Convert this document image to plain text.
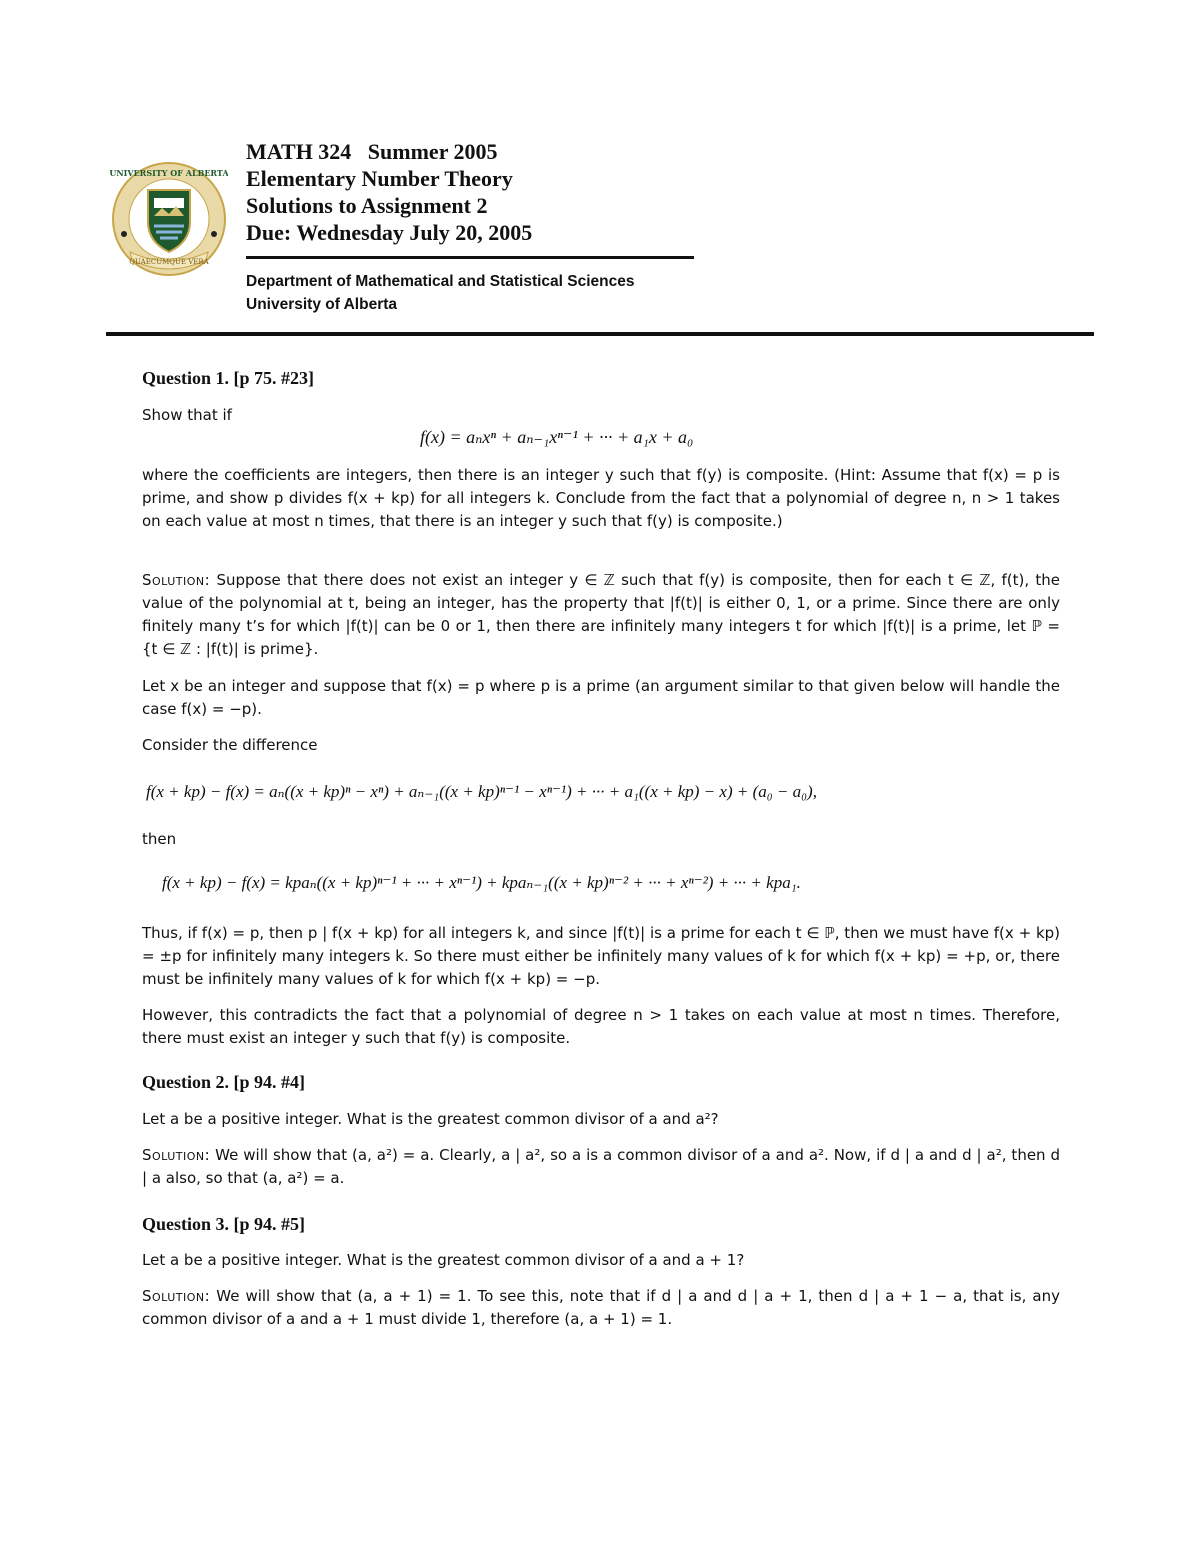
QUAECUMQUE VERA
UNIVERSITY OF ALBERTA
MATH 324   Summer 2005
Elementary Number Theory
Solutions to Assignment 2
Due: Wednesday July 20, 2005
Department of Mathematical and Statistical Sciences
University of Alberta
Question 1. [p 75. #23]
Show that if
f(x) = aₙxⁿ + aₙ₋₁xⁿ⁻¹ + ··· + a₁x + a₀
where the coefficients are integers, then there is an integer y such that f(y) is composite. (Hint: Assume that f(x) = p is prime, and show p divides f(x + kp) for all integers k. Conclude from the fact that a polynomial of degree n, n > 1 takes on each value at most n times, that there is an integer y such that f(y) is composite.)
Solution: Suppose that there does not exist an integer y ∈ ℤ such that f(y) is composite, then for each t ∈ ℤ, f(t), the value of the polynomial at t, being an integer, has the property that |f(t)| is either 0, 1, or a prime. Since there are only finitely many t’s for which |f(t)| can be 0 or 1, then there are infinitely many integers t for which |f(t)| is a prime, let ℙ = {t ∈ ℤ : |f(t)| is prime}.
Let x be an integer and suppose that f(x) = p where p is a prime (an argument similar to that given below will handle the case f(x) = −p).
Consider the difference
f(x + kp) − f(x) = aₙ((x + kp)ⁿ − xⁿ) + aₙ₋₁((x + kp)ⁿ⁻¹ − xⁿ⁻¹) + ··· + a₁((x + kp) − x) + (a₀ − a₀),
then
f(x + kp) − f(x) = kpaₙ((x + kp)ⁿ⁻¹ + ··· + xⁿ⁻¹) + kpaₙ₋₁((x + kp)ⁿ⁻² + ··· + xⁿ⁻²) + ··· + kpa₁.
Thus, if f(x) = p, then p | f(x + kp) for all integers k, and since |f(t)| is a prime for each t ∈ ℙ, then we must have f(x + kp) = ±p for infinitely many integers k. So there must either be infinitely many values of k for which f(x + kp) = +p, or, there must be infinitely many values of k for which f(x + kp) = −p.
However, this contradicts the fact that a polynomial of degree n > 1 takes on each value at most n times. Therefore, there must exist an integer y such that f(y) is composite.
Question 2. [p 94. #4]
Let a be a positive integer. What is the greatest common divisor of a and a²?
Solution: We will show that (a, a²) = a. Clearly, a | a², so a is a common divisor of a and a². Now, if d | a and d | a², then d | a also, so that (a, a²) = a.
Question 3. [p 94. #5]
Let a be a positive integer. What is the greatest common divisor of a and a + 1?
Solution: We will show that (a, a + 1) = 1. To see this, note that if d | a and d | a + 1, then d | a + 1 − a, that is, any common divisor of a and a + 1 must divide 1, therefore (a, a + 1) = 1.
